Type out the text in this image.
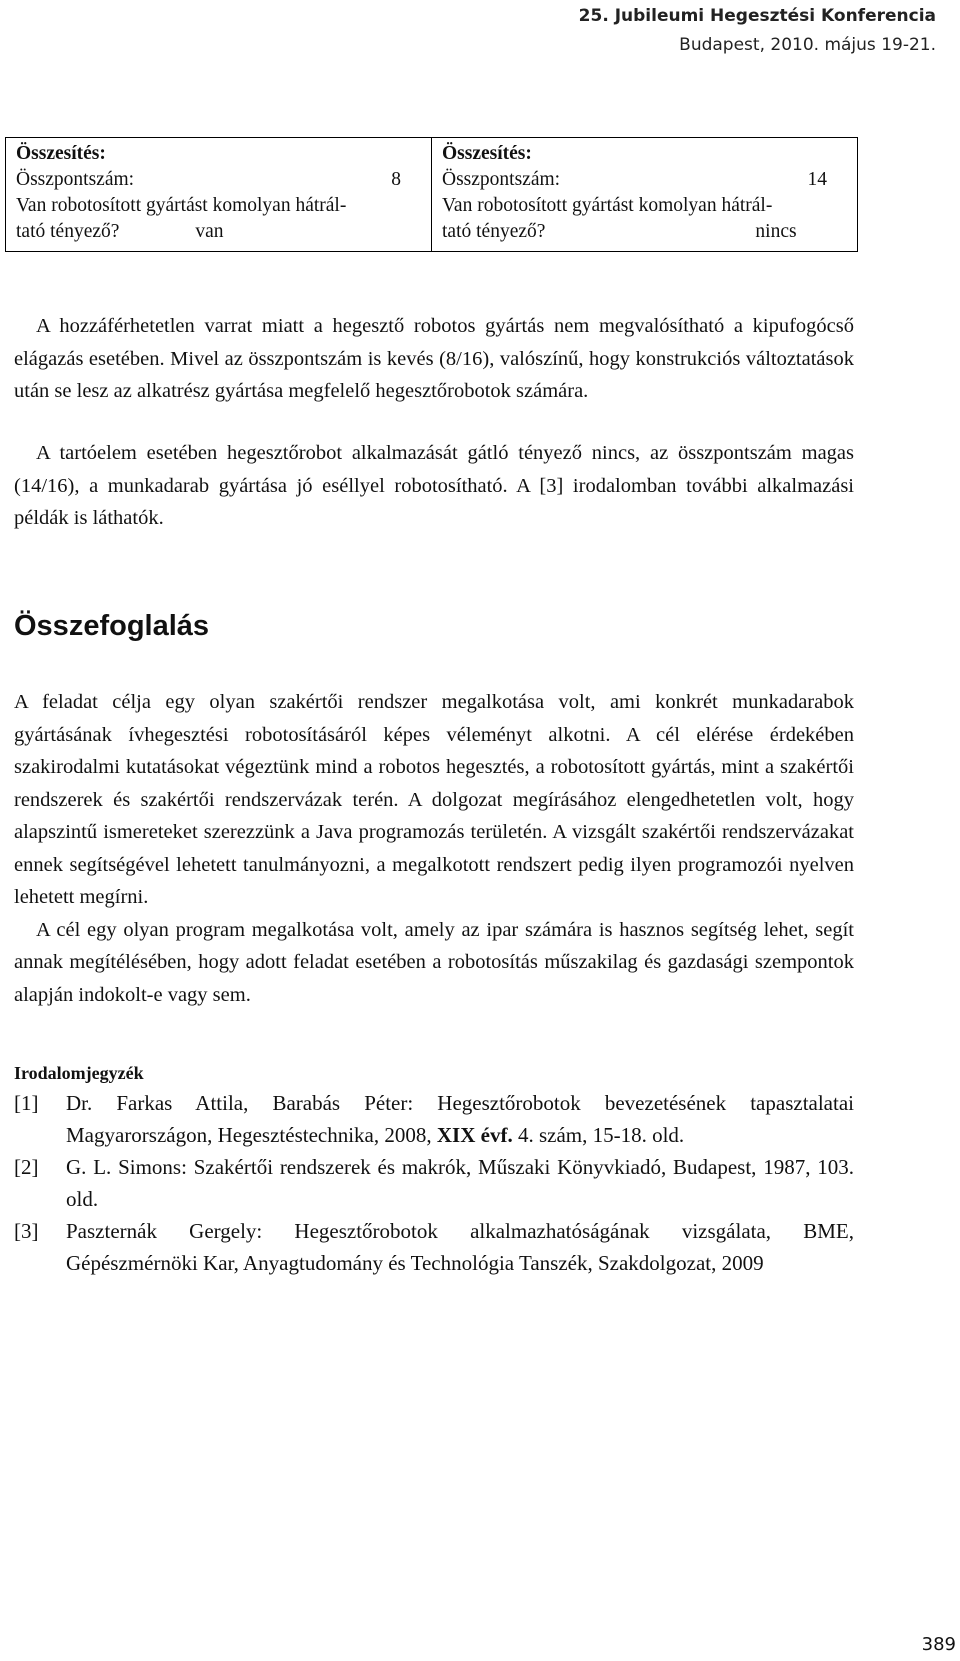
25. Jubileumi Hegesztési Konferencia
Budapest, 2010. május 19-21.
Összesítés:
Összpontszám:	8
Van robotosított gyártást komolyan hátrál-
tató tényező?	van

Összesítés:
Összpontszám:	14
Van robotosított gyártást komolyan hátrál-
tató tényező?	nincs

A hozzáférhetetlen varrat miatt a hegesztő robotos gyártás nem megvalósítható a kipufogócső elágazás esetében. Mivel az összpontszám is kevés (8/16), valószínű, hogy konstrukciós változtatások után se lesz az alkatrész gyártása megfelelő hegesztőrobotok számára.

A tartóelem esetében hegesztőrobot alkalmazását gátló tényező nincs, az összpontszám magas (14/16), a munkadarab gyártása jó eséllyel robotosítható. A [3] irodalomban további alkalmazási példák is láthatók.

Összefoglalás

A feladat célja egy olyan szakértői rendszer megalkotása volt, ami konkrét munkadarabok gyártásának ívhegesztési robotosításáról képes véleményt alkotni. A cél elérése érdekében szakirodalmi kutatásokat végeztünk mind a robotos hegesztés, a robotosított gyártás, mint a szakértői rendszerek és szakértői rendszervázak terén. A dolgozat megírásához elengedhetetlen volt, hogy alapszintű ismereteket szerezzünk a Java programozás területén. A vizsgált szakértői rendszervázakat ennek segítségével lehetett tanulmányozni, a megalkotott rendszert pedig ilyen programozói nyelven lehetett megírni.

A cél egy olyan program megalkotása volt, amely az ipar számára is hasznos segítség lehet, segít annak megítélésében, hogy adott feladat esetében a robotosítás műszakilag és gazdasági szempontok alapján indokolt-e vagy sem.

Irodalomjegyzék
[1]	Dr. Farkas Attila, Barabás Péter: Hegesztőrobotok bevezetésének tapasztalatai Magyarországon, Hegesztéstechnika, 2008, XIX évf. 4. szám, 15-18. old.
[2]	G. L. Simons: Szakértői rendszerek és makrók, Műszaki Könyvkiadó, Budapest, 1987, 103. old.
[3]	Paszternák Gergely: Hegesztőrobotok alkalmazhatóságának vizsgálata, BME, Gépészmérnöki Kar, Anyagtudomány és Technológia Tanszék, Szakdolgozat, 2009
389
